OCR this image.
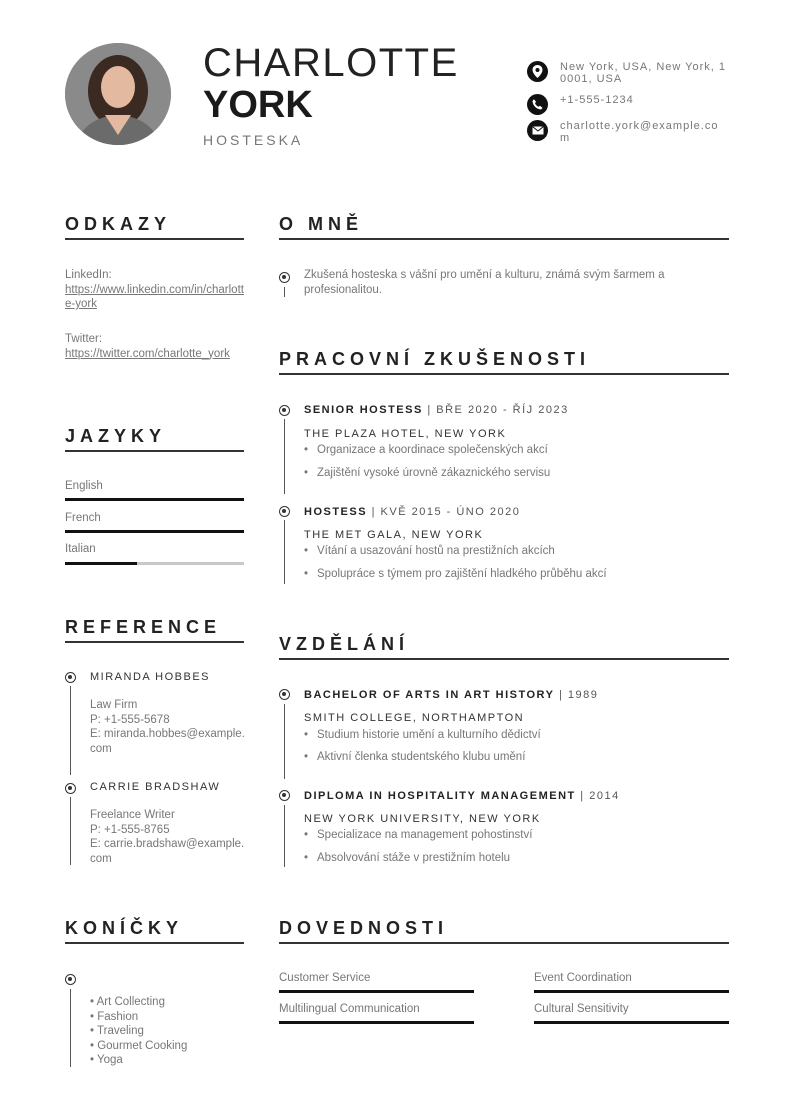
CHARLOTTE
YORK
HOSTESKA
New York, USA, New York, 10001, USA
+1-555-1234
charlotte.york@example.com
ODKAZY
LinkedIn:
https://www.linkedin.com/in/charlotte-york
Twitter:
https://twitter.com/charlotte_york
JAZYKY
English
French
Italian
REFERENCE
MIRANDA HOBBES
Law Firm
P: +1-555-5678
E: miranda.hobbes@example.com
CARRIE BRADSHAW
Freelance Writer
P: +1-555-8765
E: carrie.bradshaw@example.com
KONÍČKY
• Art Collecting
• Fashion
• Traveling
• Gourmet Cooking
• Yoga
O MNĚ
Zkušená hosteska s vášní pro umění a kulturu, známá svým šarmem a profesionalitou.
PRACOVNÍ ZKUŠENOSTI
SENIOR HOSTESS | BŘE 2020 - ŘÍJ 2023
THE PLAZA HOTEL, NEW YORK
• Organizace a koordinace společenských akcí
• Zajištění vysoké úrovně zákaznického servisu
HOSTESS | KVĚ 2015 - ÚNO 2020
THE MET GALA, NEW YORK
• Vítání a usazování hostů na prestižních akcích
• Spolupráce s týmem pro zajištění hladkého průběhu akcí
VZDĚLÁNÍ
BACHELOR OF ARTS IN ART HISTORY | 1989
SMITH COLLEGE, NORTHAMPTON
• Studium historie umění a kulturního dědictví
• Aktivní členka studentského klubu umění
DIPLOMA IN HOSPITALITY MANAGEMENT | 2014
NEW YORK UNIVERSITY, NEW YORK
• Specializace na management pohostinství
• Absolvování stáže v prestižním hotelu
DOVEDNOSTI
Customer Service	Event Coordination
Multilingual Communication	Cultural Sensitivity
